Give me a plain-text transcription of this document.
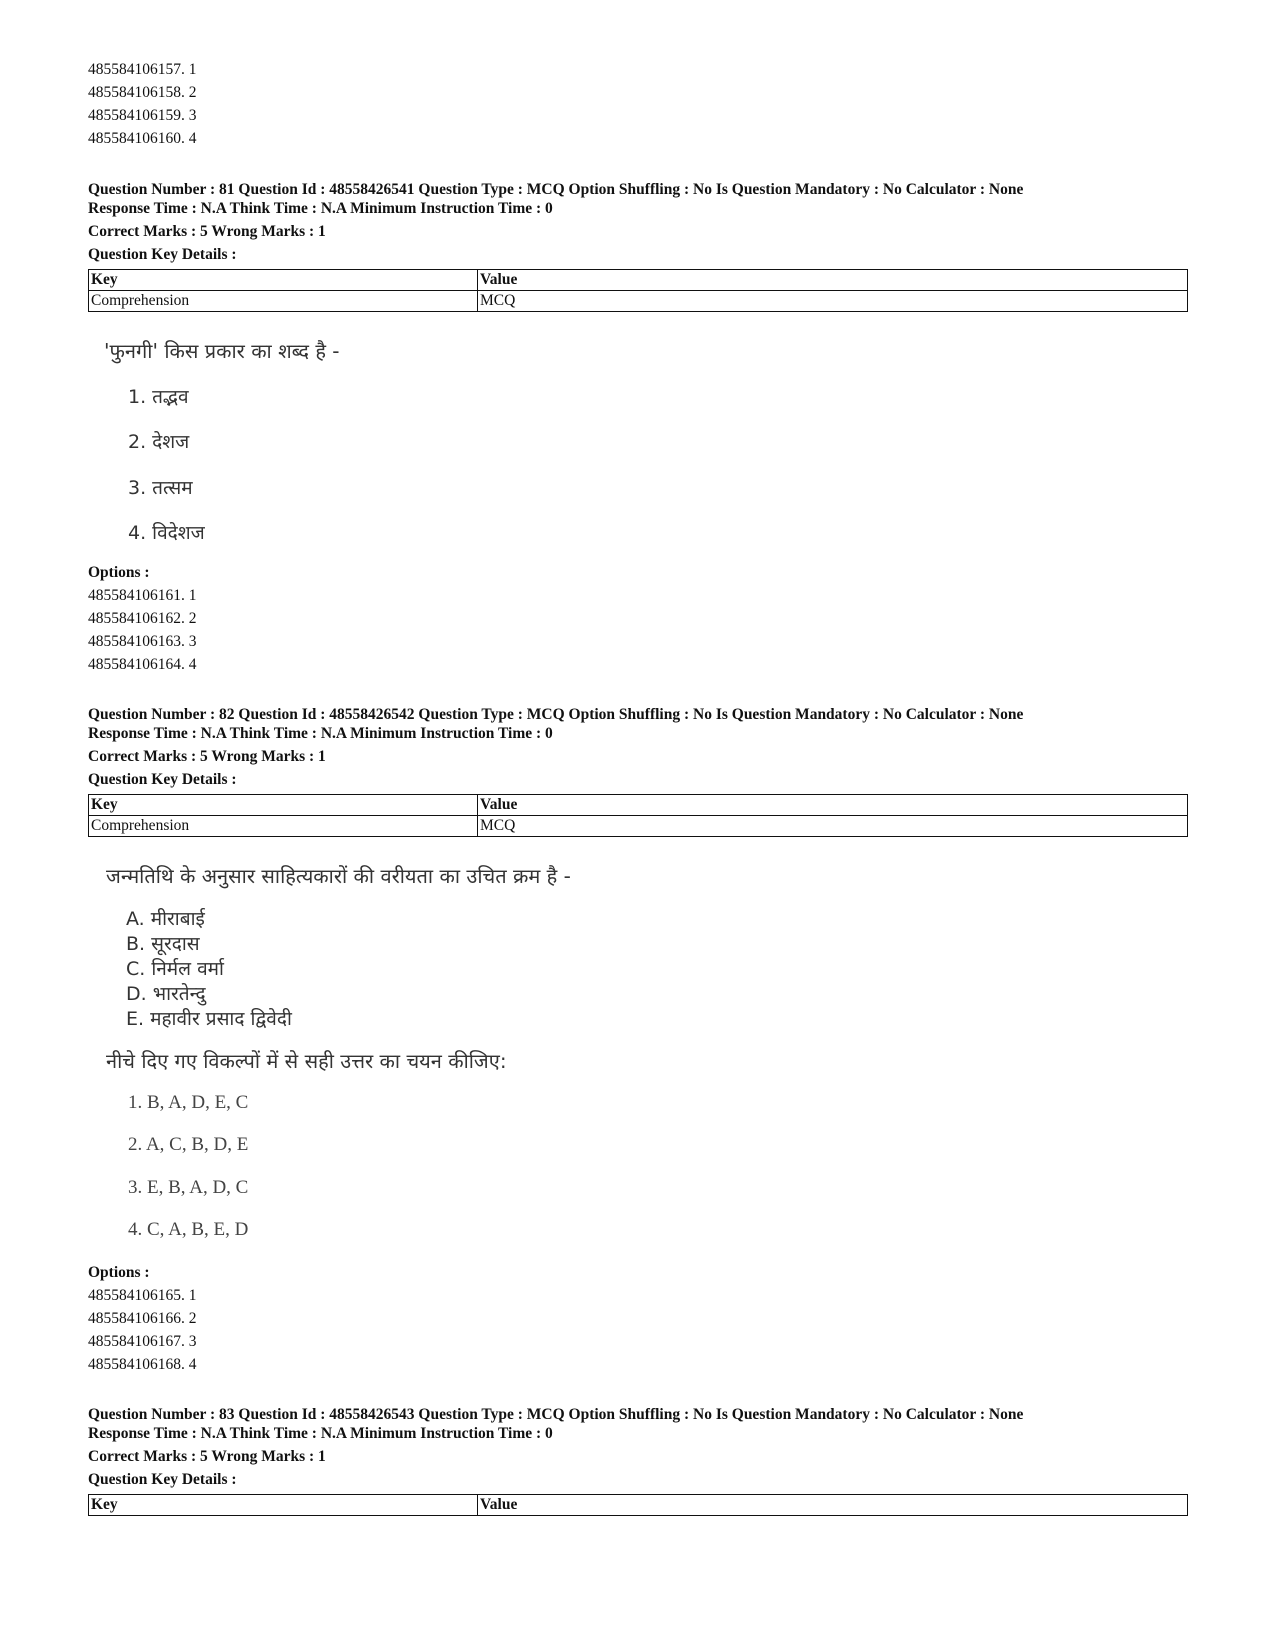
485584106157. 1
485584106158. 2
485584106159. 3
485584106160. 4
Question Number : 81 Question Id : 48558426541 Question Type : MCQ Option Shuffling : No Is Question Mandatory : No Calculator : None
Response Time : N.A Think Time : N.A Minimum Instruction Time : 0
Correct Marks : 5 Wrong Marks : 1
Question Key Details :
Key	Value
Comprehension	MCQ
'फुनगी' किस प्रकार का शब्द है -
1. तद्भव
2. देशज
3. तत्सम
4. विदेशज
Options :
485584106161. 1
485584106162. 2
485584106163. 3
485584106164. 4
Question Number : 82 Question Id : 48558426542 Question Type : MCQ Option Shuffling : No Is Question Mandatory : No Calculator : None
Response Time : N.A Think Time : N.A Minimum Instruction Time : 0
Correct Marks : 5 Wrong Marks : 1
Question Key Details :
Key	Value
Comprehension	MCQ
जन्मतिथि के अनुसार साहित्यकारों की वरीयता का उचित क्रम है -
A. मीराबाई
B. सूरदास
C. निर्मल वर्मा
D. भारतेन्दु
E. महावीर प्रसाद द्विवेदी
नीचे दिए गए विकल्पों में से सही उत्तर का चयन कीजिए:
1. B, A, D, E, C
2. A, C, B, D, E
3. E, B, A, D, C
4. C, A, B, E, D
Options :
485584106165. 1
485584106166. 2
485584106167. 3
485584106168. 4
Question Number : 83 Question Id : 48558426543 Question Type : MCQ Option Shuffling : No Is Question Mandatory : No Calculator : None
Response Time : N.A Think Time : N.A Minimum Instruction Time : 0
Correct Marks : 5 Wrong Marks : 1
Question Key Details :
Key	Value
